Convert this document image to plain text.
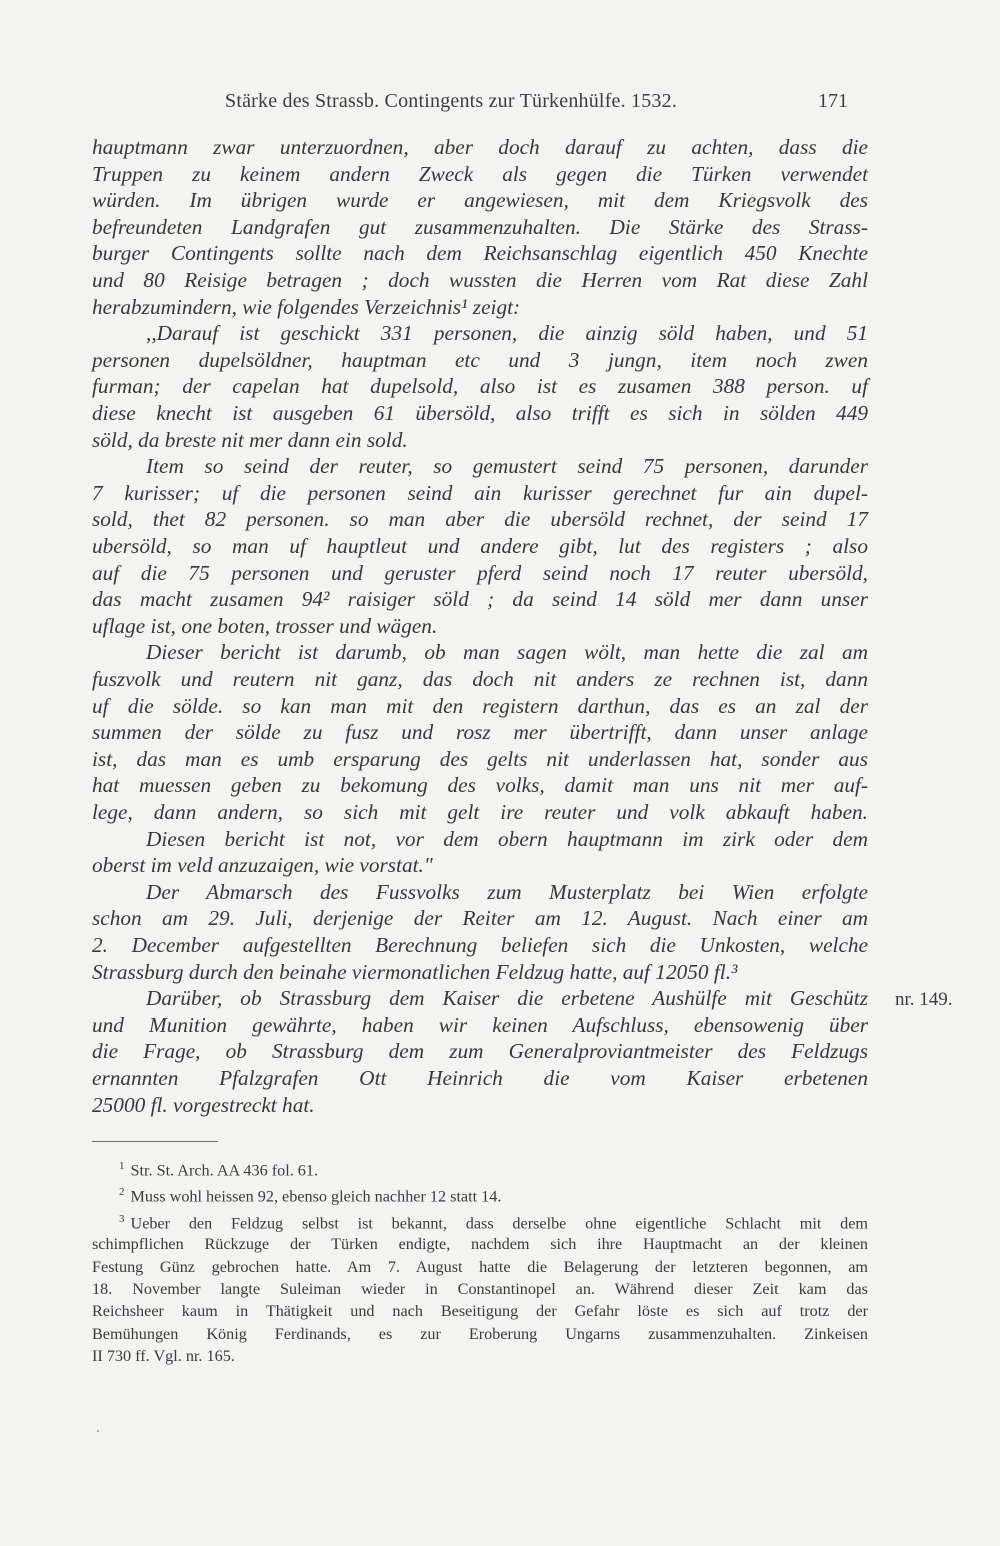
Stärke des Strassb. Contingents zur Türkenhülfe. 1532.	171
hauptmann zwar unterzuordnen, aber doch darauf zu achten, dass die
Truppen zu keinem andern Zweck als gegen die Türken verwendet
würden. Im übrigen wurde er angewiesen, mit dem Kriegsvolk des
befreundeten Landgrafen gut zusammenzuhalten. Die Stärke des Strass-
burger Contingents sollte nach dem Reichsanschlag eigentlich 450 Knechte
und 80 Reisige betragen ; doch wussten die Herren vom Rat diese Zahl
herabzumindern, wie folgendes Verzeichnis¹ zeigt:
,,Darauf ist geschickt 331 personen, die ainzig söld haben, und 51
personen dupelsöldner, hauptman etc und 3 jungn, item noch zwen
furman; der capelan hat dupelsold, also ist es zusamen 388 person. uf
diese knecht ist ausgeben 61 übersöld, also trifft es sich in sölden 449
söld, da breste nit mer dann ein sold.
Item so seind der reuter, so gemustert seind 75 personen, darunder
7 kurisser; uf die personen seind ain kurisser gerechnet fur ain dupel-
sold, thet 82 personen. so man aber die ubersöld rechnet, der seind 17
ubersöld, so man uf hauptleut und andere gibt, lut des registers ; also
auf die 75 personen und geruster pferd seind noch 17 reuter ubersöld,
das macht zusamen 94² raisiger söld ; da seind 14 söld mer dann unser
uflage ist, one boten, trosser und wägen.
Dieser bericht ist darumb, ob man sagen wölt, man hette die zal am
fuszvolk und reutern nit ganz, das doch nit anders ze rechnen ist, dann
uf die sölde. so kan man mit den registern darthun, das es an zal der
summen der sölde zu fusz und rosz mer übertrifft, dann unser anlage
ist, das man es umb ersparung des gelts nit underlassen hat, sonder aus
hat muessen geben zu bekomung des volks, damit man uns nit mer auf-
lege, dann andern, so sich mit gelt ire reuter und volk abkauft haben.
Diesen bericht ist not, vor dem obern hauptmann im zirk oder dem
oberst im veld anzuzaigen, wie vorstat."
Der Abmarsch des Fussvolks zum Musterplatz bei Wien erfolgte
schon am 29. Juli, derjenige der Reiter am 12. August. Nach einer am
2. December aufgestellten Berechnung beliefen sich die Unkosten, welche
Strassburg durch den beinahe viermonatlichen Feldzug hatte, auf 12050 fl.³
Darüber, ob Strassburg dem Kaiser die erbetene Aushülfe mit Geschütz
und Munition gewährte, haben wir keinen Aufschluss, ebensowenig über
die Frage, ob Strassburg dem zum Generalproviantmeister des Feldzugs
ernannten Pfalzgrafen Ott Heinrich die vom Kaiser erbetenen
25000 fl. vorgestreckt hat.
nr. 149.
$^1$ Str. St. Arch. AA 436 fol. 61.
$^2$ Muss wohl heissen 92, ebenso gleich nachher 12 statt 14.
$^3$ Ueber den Feldzug selbst ist bekannt, dass derselbe ohne eigentliche Schlacht mit dem
schimpflichen Rückzuge der Türken endigte, nachdem sich ihre Hauptmacht an der kleinen
Festung Günz gebrochen hatte. Am 7. August hatte die Belagerung der letzteren begonnen, am
18. November langte Suleiman wieder in Constantinopel an. Während dieser Zeit kam das
Reichsheer kaum in Thätigkeit und nach Beseitigung der Gefahr löste es sich auf trotz der
Bemühungen König Ferdinands, es zur Eroberung Ungarns zusammenzuhalten. Zinkeisen
II 730 ff. Vgl. nr. 165.
